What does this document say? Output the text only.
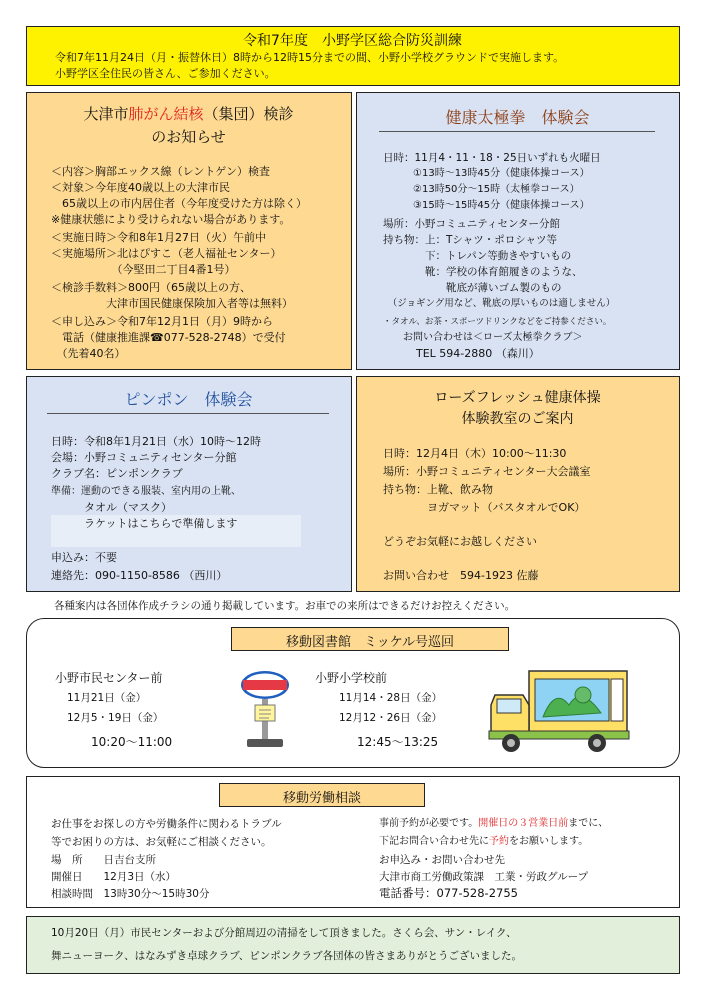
令和7年度　小野学区総合防災訓練
令和7年11月24日（月・振替休日）8時から12時15分までの間、小野小学校グラウンドで実施します。
小野学区全住民の皆さん、ご参加ください。
大津市肺がん結核（集団）検診
のお知らせ
＜内容＞胸部エックス線（レントゲン）検査
＜対象＞今年度40歳以上の大津市民
　65歳以上の市内居住者（今年度受けた方は除く）
※健康状態により受けられない場合があります。
＜実施日時＞令和8年1月27日（火）午前中
＜実施場所＞北はぴすこ（老人福祉センター）
　　　　　　（今堅田二丁目4番1号）
＜検診手数料＞800円（65歳以上の方、
　　　　　大津市国民健康保険加入者等は無料）
＜申し込み＞令和7年12月1日（月）9時から
　電話（健康推進課☎077-528-2748）で受付
　（先着40名）
健康太極拳　体験会
日時：11月4・11・18・25日いずれも火曜日
　　　①13時～13時45分（健康体操コース）
　　　②13時50分～15時（太極拳コース）
　　　③15時～15時45分（健康体操コース）
場所：小野コミュニティセンター分館
持ち物：上：Tシャツ・ポロシャツ等
　　　　下：トレパン等動きやすいもの
　　　　靴：学校の体育館履きのような、
　　　　　　靴底が薄いゴム製のもの
　（ジョギング用など、靴底の厚いものは適しません）
・タオル、お茶・スポーツドリンクなどをご持参ください。
　　お問い合わせは＜ローズ太極拳クラブ＞
　　　TEL 594-2880 （森川）
ピンポン　体験会
日時：令和8年1月21日（水）10時～12時
会場：小野コミュニティセンター分館
クラブ名：ピンポンクラブ
準備：運動のできる服装、室内用の上靴、
　　　タオル（マスク）
　　　ラケットはこちらで準備します
申込み：不要
連絡先：090-1150-8586 （西川）
ローズフレッシュ健康体操
体験教室のご案内
日時：12月4日（木）10:00～11:30
場所：小野コミュニティセンター大会議室
持ち物：上靴、飲み物
　　　　ヨガマット（バスタオルでOK）
どうぞお気軽にお越しください
お問い合わせ　594-1923 佐藤
各種案内は各団体作成チラシの通り掲載しています。お車での来所はできるだけお控えください。
移動図書館　ミッケル号巡回
小野市民センター前
11月21日（金）
12月5・19日（金）
10:20～11:00
小野小学校前
11月14・28日（金）
12月12・26日（金）
12:45～13:25
移動労働相談
お仕事をお探しの方や労働条件に関わるトラブル
等でお困りの方は、お気軽にご相談ください。
場　所　　日吉台支所
開催日　　12月3日（水）
相談時間　13時30分～15時30分
事前予約が必要です。開催日の３営業日前までに、
下記お問合い合わせ先に予約をお願いします。
お申込み・お問い合わせ先
大津市商工労働政策課　工業・労政グループ
電話番号：077-528-2755
10月20日（月）市民センターおよび分館周辺の清掃をして頂きました。さくら会、サン・レイク、
舞ニューヨーク、はなみずき卓球クラブ、ピンポンクラブ各団体の皆さまありがとうございました。
